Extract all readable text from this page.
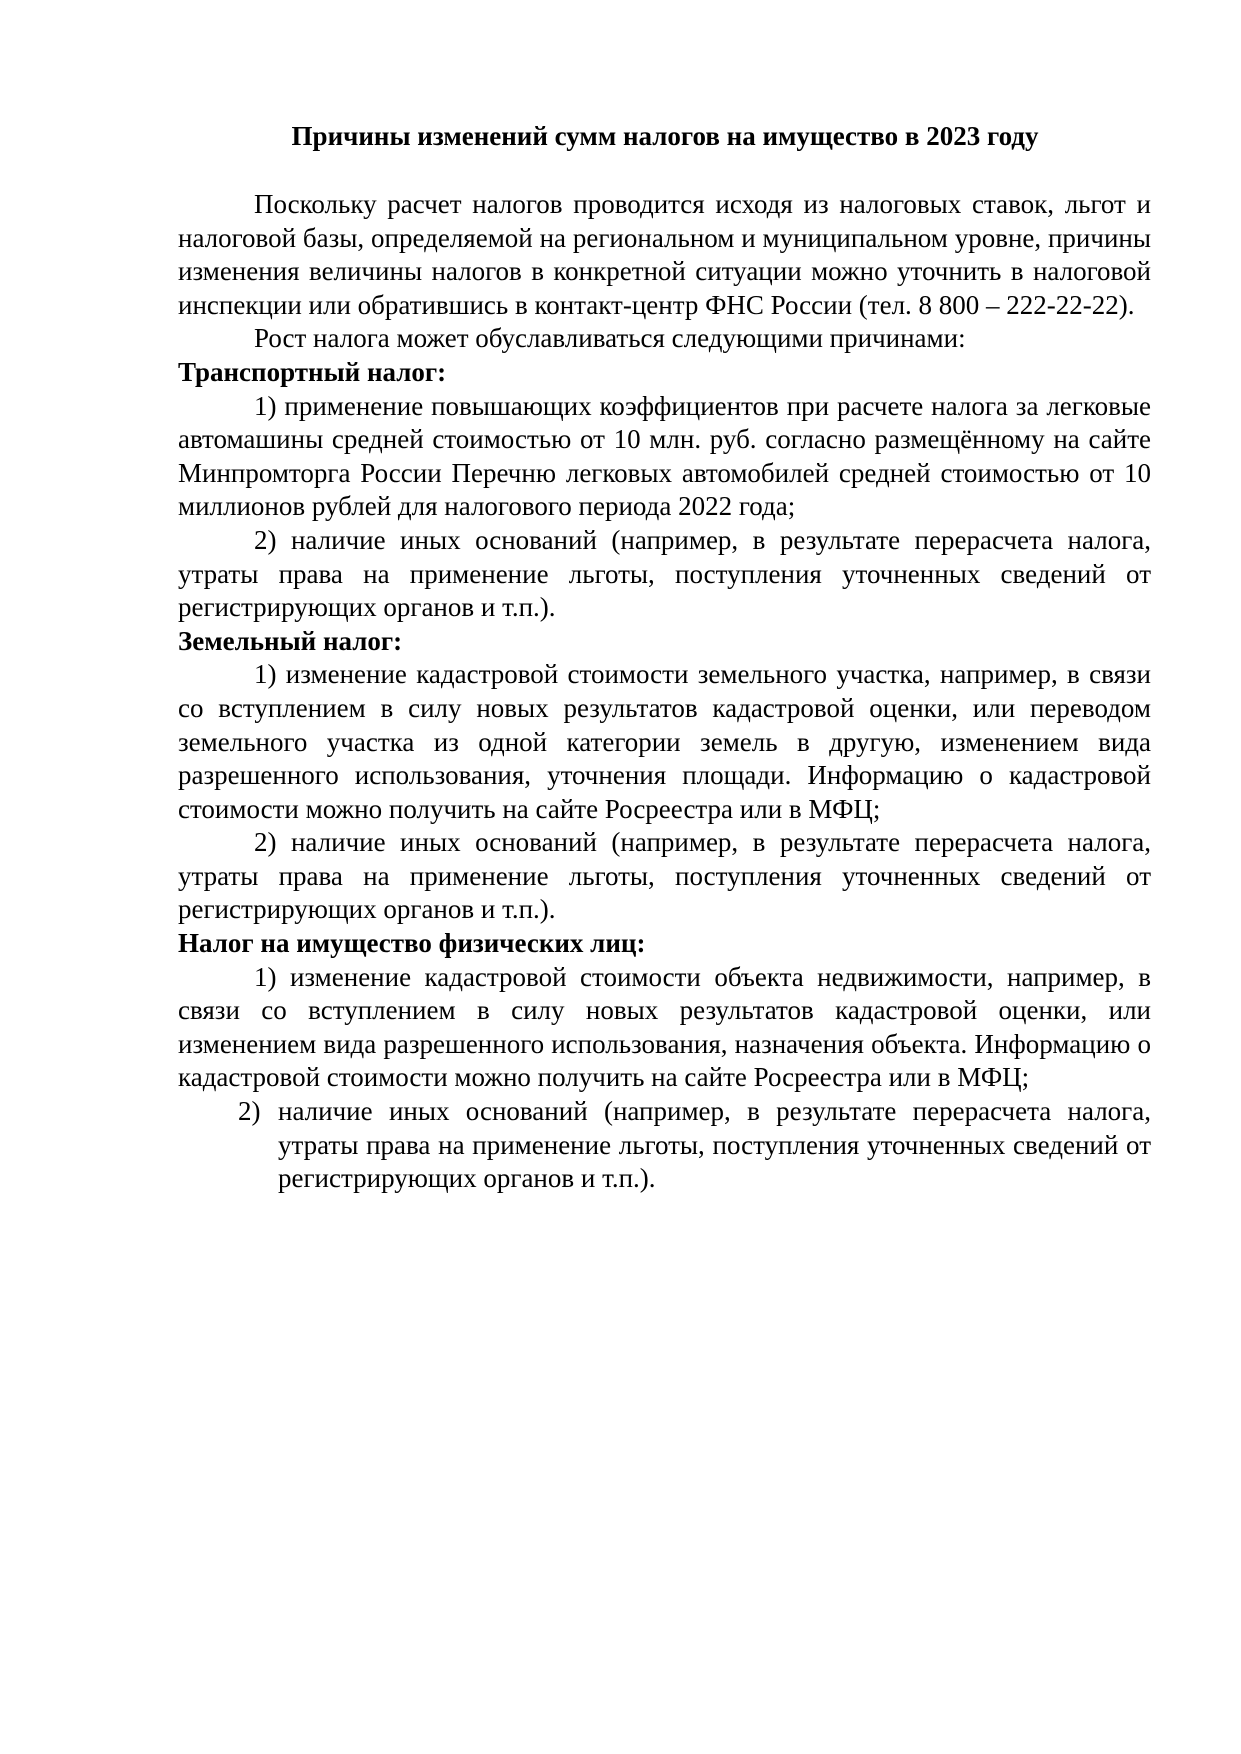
Причины изменений сумм налогов на имущество в 2023 году

Поскольку расчет налогов проводится исходя из налоговых ставок, льгот и налоговой базы, определяемой на региональном и муниципальном уровне, причины изменения величины налогов в конкретной ситуации можно уточнить в налоговой инспекции или обратившись в контакт-центр ФНС России (тел. 8 800 – 222-22-22).

Рост налога может обуславливаться следующими причинами:

Транспортный налог:

1) применение повышающих коэффициентов при расчете налога за легковые автомашины средней стоимостью от 10 млн. руб. согласно размещённому на сайте Минпромторга России Перечню легковых автомобилей средней стоимостью от 10 миллионов рублей для налогового периода 2022 года;

2) наличие иных оснований (например, в результате перерасчета налога, утраты права на применение льготы, поступления уточненных сведений от регистрирующих органов и т.п.).

Земельный налог:

1) изменение кадастровой стоимости земельного участка, например, в связи со вступлением в силу новых результатов кадастровой оценки, или переводом земельного участка из одной категории земель в другую, изменением вида разрешенного использования, уточнения площади. Информацию о кадастровой стоимости можно получить на сайте Росреестра или в МФЦ;

2) наличие иных оснований (например, в результате перерасчета налога, утраты права на применение льготы, поступления уточненных сведений от регистрирующих органов и т.п.).

Налог на имущество физических лиц:

1) изменение кадастровой стоимости объекта недвижимости, например, в связи со вступлением в силу новых результатов кадастровой оценки, или изменением вида разрешенного использования, назначения объекта. Информацию о кадастровой стоимости можно получить на сайте Росреестра или в МФЦ;

2) наличие иных оснований (например, в результате перерасчета налога, утраты права на применение льготы, поступления уточненных сведений от регистрирующих органов и т.п.).
